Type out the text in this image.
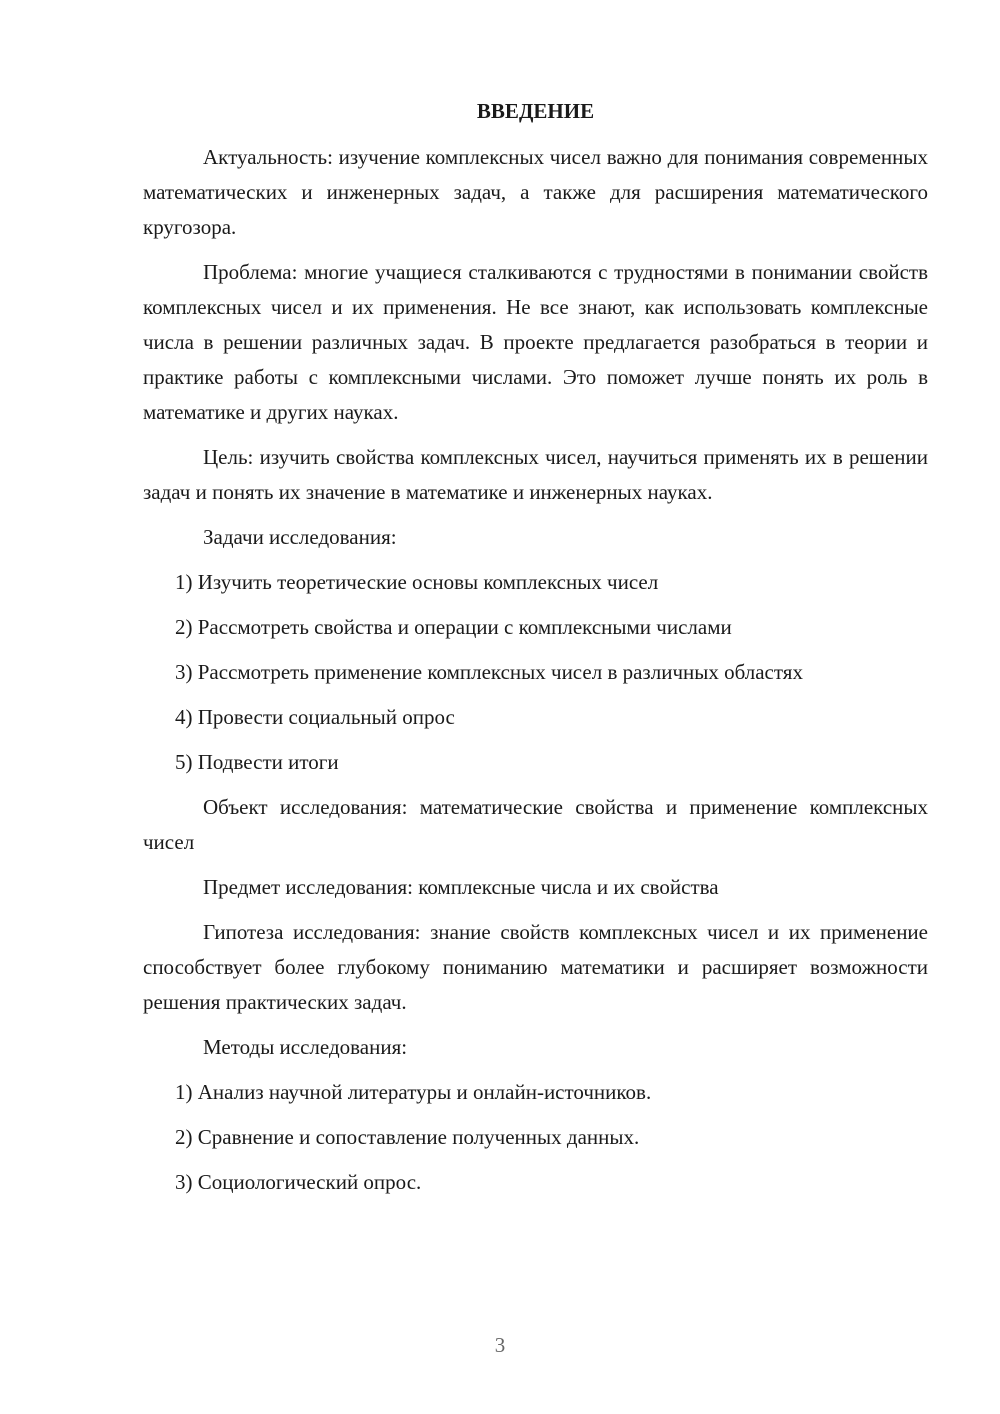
ВВЕДЕНИЕ

Актуальность: изучение комплексных чисел важно для понимания современных математических и инженерных задач, а также для расширения математического кругозора.

Проблема: многие учащиеся сталкиваются с трудностями в понимании свойств комплексных чисел и их применения. Не все знают, как использовать комплексные числа в решении различных задач. В проекте предлагается разобраться в теории и практике работы с комплексными числами. Это поможет лучше понять их роль в математике и других науках.

Цель: изучить свойства комплексных чисел, научиться применять их в решении задач и понять их значение в математике и инженерных науках.

Задачи исследования:

1) Изучить теоретические основы комплексных чисел
2) Рассмотреть свойства и операции с комплексными числами
3) Рассмотреть применение комплексных чисел в различных областях
4) Провести социальный опрос
5) Подвести итоги

Объект исследования: математические свойства и применение комплексных чисел

Предмет исследования: комплексные числа и их свойства

Гипотеза исследования: знание свойств комплексных чисел и их применение способствует более глубокому пониманию математики и расширяет возможности решения практических задач.

Методы исследования:

1) Анализ научной литературы и онлайн-источников.
2) Сравнение и сопоставление полученных данных.
3) Социологический опрос.
3
